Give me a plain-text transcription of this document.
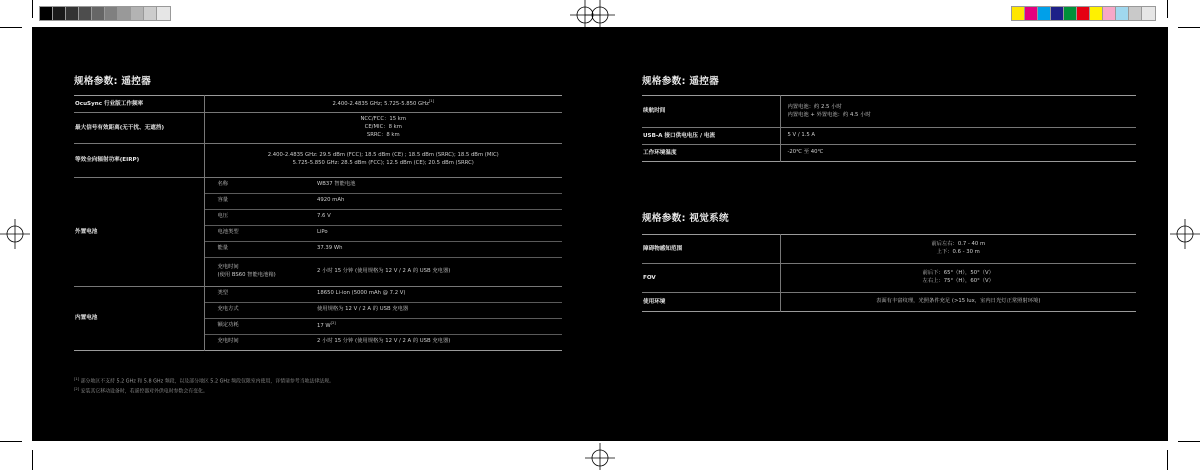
规格参数: 遥控器
OcuSync 行业版工作频率	2.400-2.4835 GHz; 5.725-5.850 GHz[1]
最大信号有效距离(无干扰、无遮挡)	NCC/FCC：15 km
CE/MIC：8 km
SRRC：8 km	

等效全向辐射功率(EIRP)	2.400-2.4835 GHz: 29.5 dBm (FCC); 18.5 dBm (CE) ; 18.5 dBm (SRRC); 18.5 dBm (MIC)
5.725-5.850 GHz: 28.5 dBm (FCC); 12.5 dBm (CE); 20.5 dBm (SRRC)	

外置电池	名称	WB37 智能电池
	容量	4920 mAh
	电压	7.6 V
	电池类型	LiPo
	能量	37.39 Wh

	充电时间
(使用 BS60 智能电池箱)	2 小时 15 分钟 (使用规格为 12 V / 2 A 的 USB 充电器)
内置电池	类型	18650 Li-ion (5000 mAh @ 7.2 V)
	充电方式	使用规格为 12 V / 2 A 的 USB 充电器
	额定功耗	17 W[2]
	充电时间	2 小时 15 分钟 (使用规格为 12 V / 2 A 的 USB 充电器)
[1] 部分地区不支持 5.2 GHz 和 5.8 GHz 频段，以及部分地区 5.2 GHz 频段仅限室内使用，详情请参考当地法律法规。
[2] 安装其它移动设备时，若遥控器对外供电时参数会有变化。
规格参数: 遥控器
续航时间	内置电池：约 2.5 小时
内置电池 + 外置电池：约 4.5 小时

USB-A 接口供电电压 / 电流	5 V / 1.5 A
工作环境温度	-20℃ 至 40℃
规格参数: 视觉系统
障碍物感知范围	前后左右：0.7 - 40 m
上下：0.6 - 30 m

FOV	前后下：65°（H），50°（V）
左右上：75°（H），60°（V）

使用环境	表面有丰富纹理，光照条件充足 (>15 lux，室内日光灯正常照射环境)
